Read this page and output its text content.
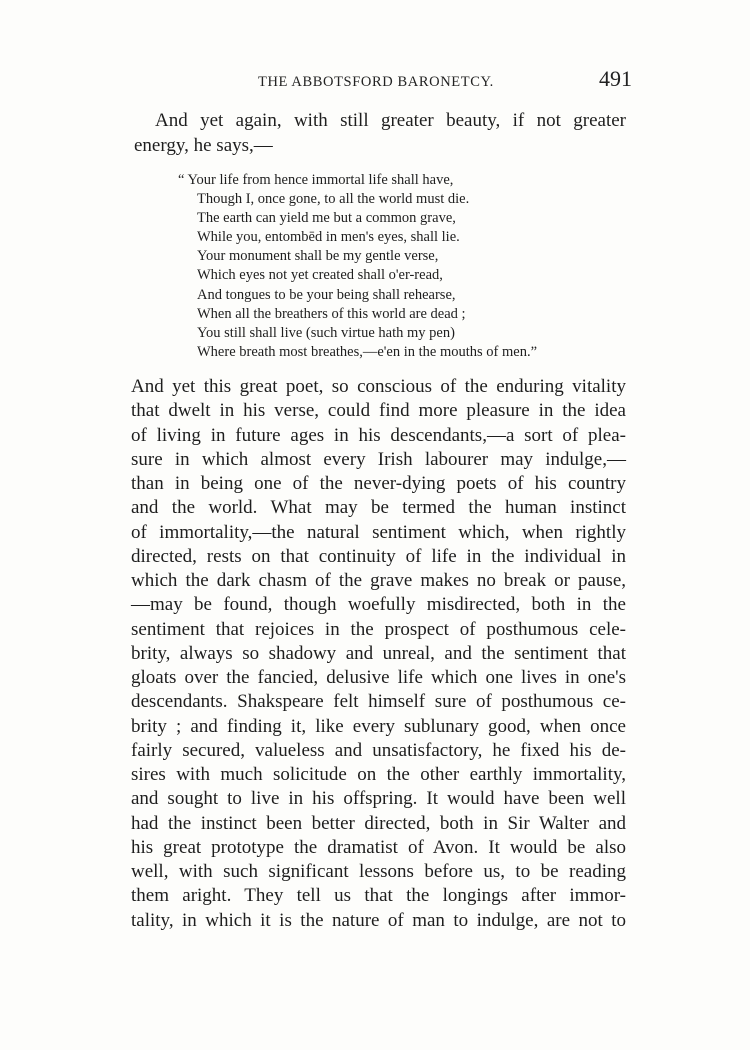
THE ABBOTSFORD BARONETCY.	491
And yet again, with still greater beauty, if not greater
energy, he says,—
“ Your life from hence immortal life shall have,
Though I, once gone, to all the world must die.
The earth can yield me but a common grave,
While you, entombēd in men's eyes, shall lie.
Your monument shall be my gentle verse,
Which eyes not yet created shall o'er-read,
And tongues to be your being shall rehearse,
When all the breathers of this world are dead ;
You still shall live (such virtue hath my pen)
Where breath most breathes,—e'en in the mouths of men.”
And yet this great poet, so conscious of the enduring vitality
that dwelt in his verse, could find more pleasure in the idea
of living in future ages in his descendants,—a sort of plea-
sure in which almost every Irish labourer may indulge,—
than in being one of the never-dying poets of his country
and the world. What may be termed the human instinct
of immortality,—the natural sentiment which, when rightly
directed, rests on that continuity of life in the individual in
which the dark chasm of the grave makes no break or pause,
—may be found, though woefully misdirected, both in the
sentiment that rejoices in the prospect of posthumous cele-
brity, always so shadowy and unreal, and the sentiment that
gloats over the fancied, delusive life which one lives in one's
descendants. Shakspeare felt himself sure of posthumous ce-
brity ; and finding it, like every sublunary good, when once
fairly secured, valueless and unsatisfactory, he fixed his de-
sires with much solicitude on the other earthly immortality,
and sought to live in his offspring. It would have been well
had the instinct been better directed, both in Sir Walter and
his great prototype the dramatist of Avon. It would be also
well, with such significant lessons before us, to be reading
them aright. They tell us that the longings after immor-
tality, in which it is the nature of man to indulge, are not to
